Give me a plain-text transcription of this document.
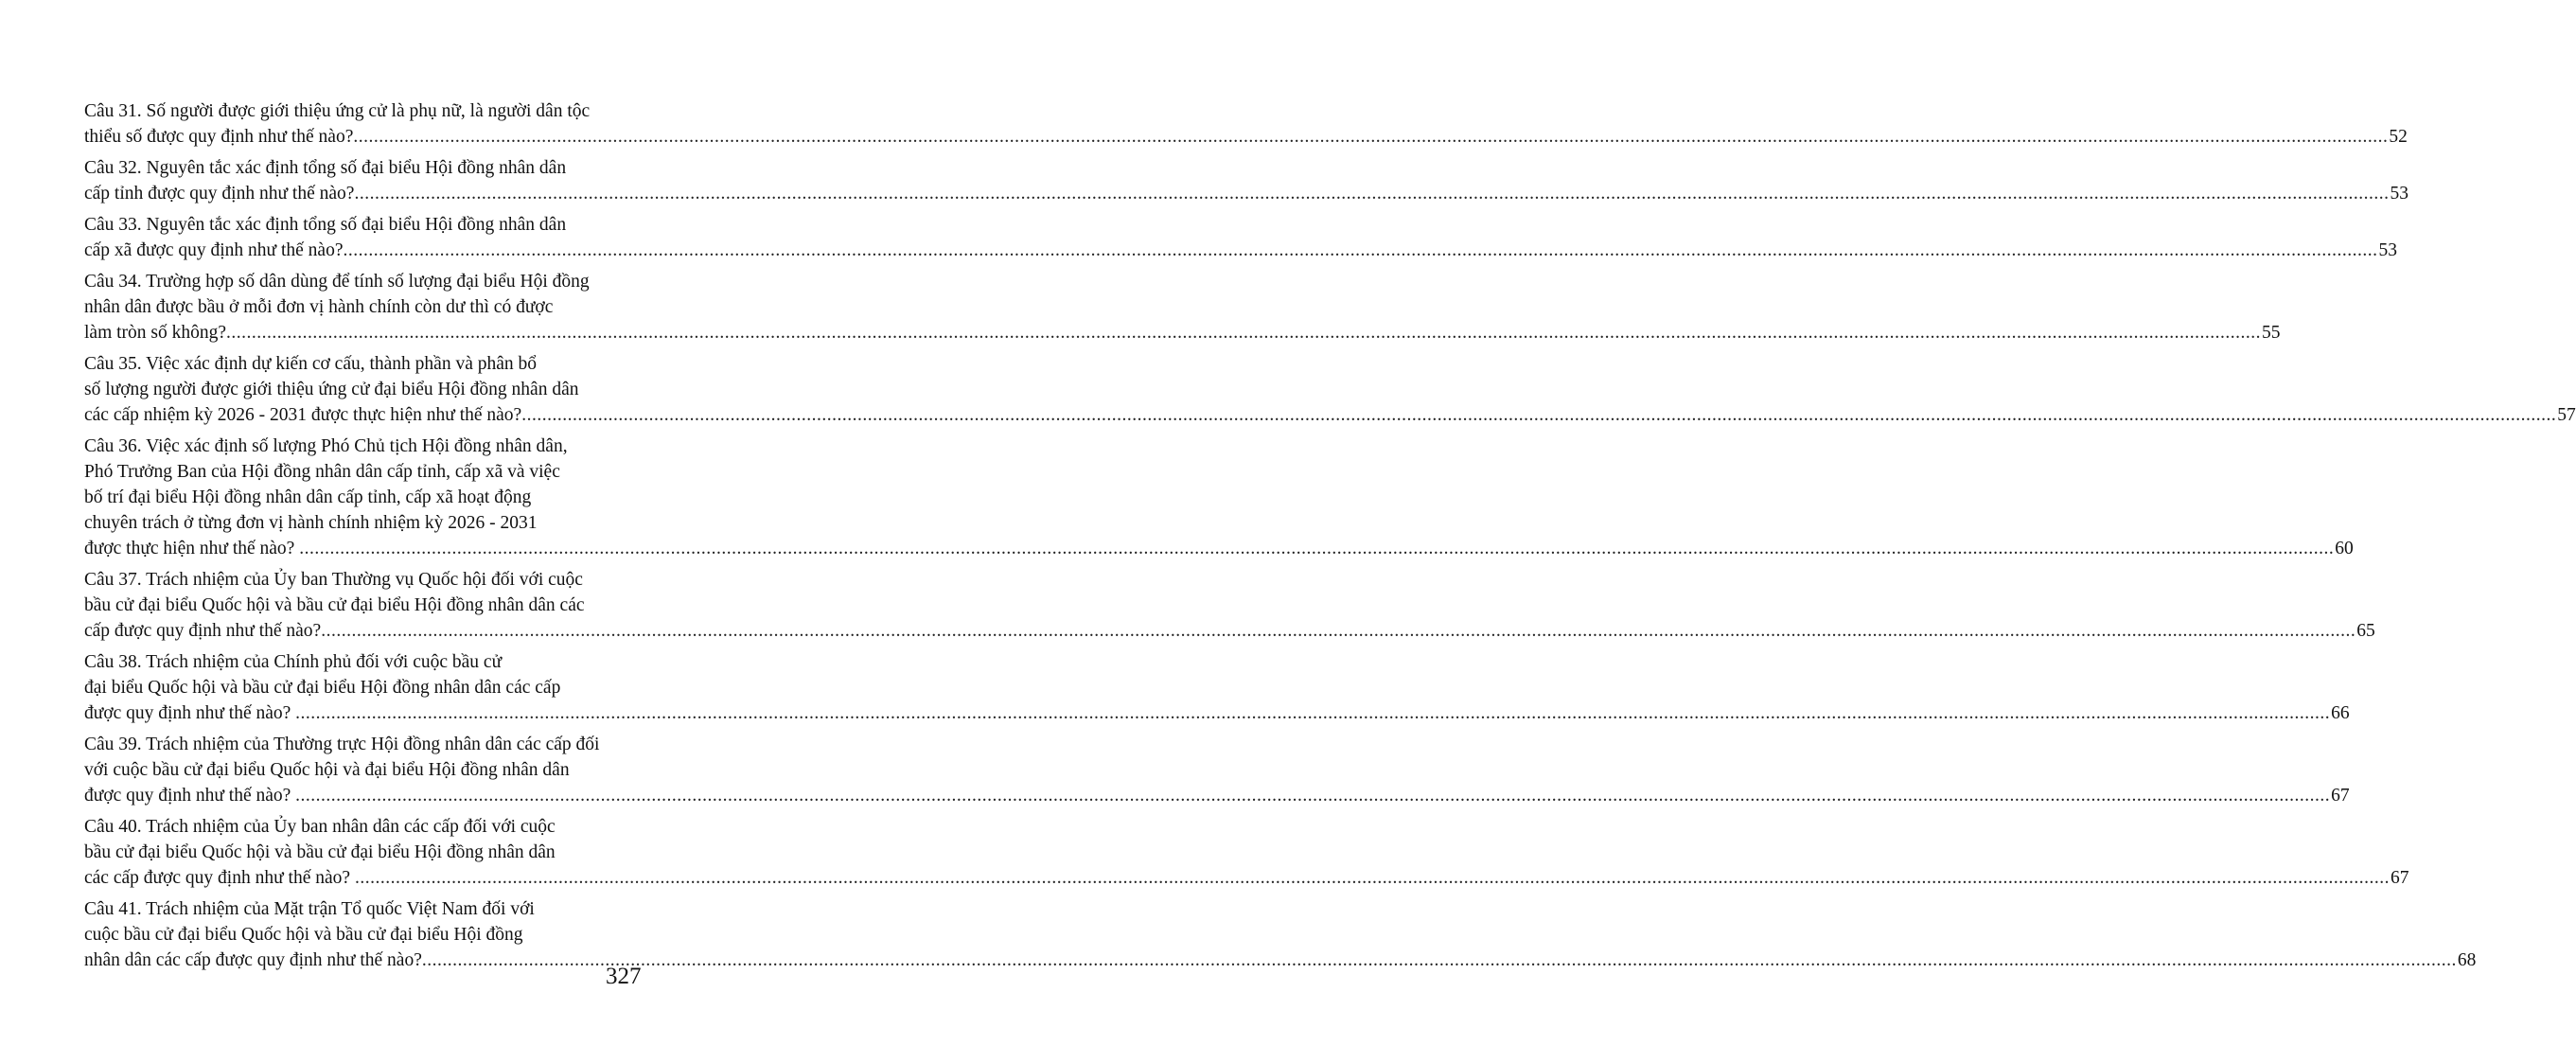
Câu 31. Số người được giới thiệu ứng cử là phụ nữ, là người dân tộc
thiểu số được quy định như thế nào? ................................................................................................................................................................................................................................................................................................................................................................................................................ 52
Câu 32. Nguyên tắc xác định tổng số đại biểu Hội đồng nhân dân
cấp tỉnh được quy định như thế nào? ................................................................................................................................................................................................................................................................................................................................................................................................................ 53
Câu 33. Nguyên tắc xác định tổng số đại biểu Hội đồng nhân dân
cấp xã được quy định như thế nào? ................................................................................................................................................................................................................................................................................................................................................................................................................ 53
Câu 34. Trường hợp số dân dùng để tính số lượng đại biểu Hội đồng
nhân dân được bầu ở mỗi đơn vị hành chính còn dư thì có được
làm tròn số không? ................................................................................................................................................................................................................................................................................................................................................................................................................ 55
Câu 35. Việc xác định dự kiến cơ cấu, thành phần và phân bổ
số lượng người được giới thiệu ứng cử đại biểu Hội đồng nhân dân
các cấp nhiệm kỳ 2026 - 2031 được thực hiện như thế nào? ................................................................................................................................................................................................................................................................................................................................................................................................................ 57
Câu 36. Việc xác định số lượng Phó Chủ tịch Hội đồng nhân dân,
Phó Trưởng Ban của Hội đồng nhân dân cấp tỉnh, cấp xã và việc
bố trí đại biểu Hội đồng nhân dân cấp tỉnh, cấp xã hoạt động
chuyên trách ở từng đơn vị hành chính nhiệm kỳ 2026 - 2031
được thực hiện như thế nào? ................................................................................................................................................................................................................................................................................................................................................................................................................ 60
Câu 37. Trách nhiệm của Ủy ban Thường vụ Quốc hội đối với cuộc
bầu cử đại biểu Quốc hội và bầu cử đại biểu Hội đồng nhân dân các
cấp được quy định như thế nào? ................................................................................................................................................................................................................................................................................................................................................................................................................ 65
Câu 38. Trách nhiệm của Chính phủ đối với cuộc bầu cử
đại biểu Quốc hội và bầu cử đại biểu Hội đồng nhân dân các cấp
được quy định như thế nào? ................................................................................................................................................................................................................................................................................................................................................................................................................ 66
Câu 39. Trách nhiệm của Thường trực Hội đồng nhân dân các cấp đối
với cuộc bầu cử đại biểu Quốc hội và đại biểu Hội đồng nhân dân
được quy định như thế nào? ................................................................................................................................................................................................................................................................................................................................................................................................................ 67
Câu 40. Trách nhiệm của Ủy ban nhân dân các cấp đối với cuộc
bầu cử đại biểu Quốc hội và bầu cử đại biểu Hội đồng nhân dân
các cấp được quy định như thế nào? ................................................................................................................................................................................................................................................................................................................................................................................................................ 67
Câu 41. Trách nhiệm của Mặt trận Tổ quốc Việt Nam đối với
cuộc bầu cử đại biểu Quốc hội và bầu cử đại biểu Hội đồng
nhân dân các cấp được quy định như thế nào? ................................................................................................................................................................................................................................................................................................................................................................................................................ 68
327
